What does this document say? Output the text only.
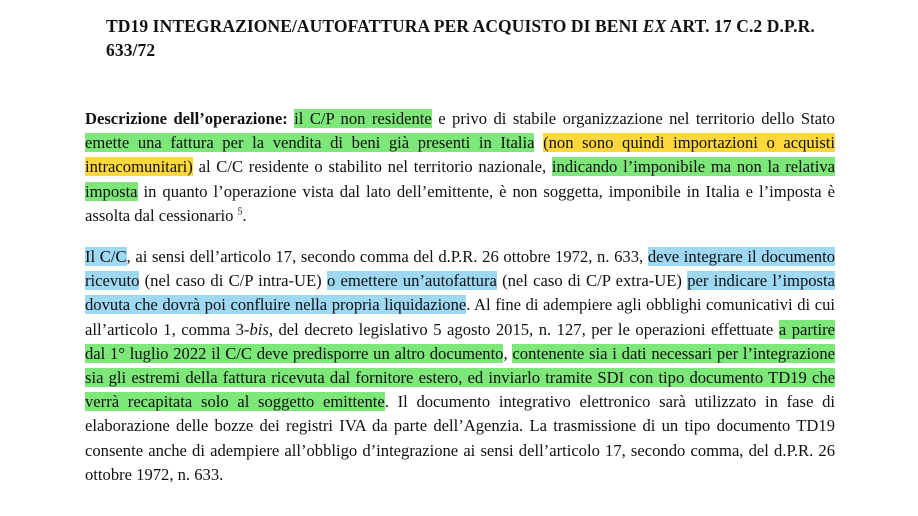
TD19 INTEGRAZIONE/AUTOFATTURA PER ACQUISTO DI BENI EX ART. 17 C.2 D.P.R. 633/72

Descrizione dell’operazione: il C/P non residente e privo di stabile organizzazione nel territorio dello Stato emette una fattura per la vendita di beni già presenti in Italia (non sono quindi importazioni o acquisti intracomunitari) al C/C residente o stabilito nel territorio nazionale, indicando l’imponibile ma non la relativa imposta in quanto l’operazione vista dal lato dell’emittente, è non soggetta, imponibile in Italia e l’imposta è assolta dal cessionario $^5$.

Il C/C, ai sensi dell’articolo 17, secondo comma del d.P.R. 26 ottobre 1972, n. 633, deve integrare il documento ricevuto (nel caso di C/P intra-UE) o emettere un’autofattura (nel caso di C/P extra-UE) per indicare l’imposta dovuta che dovrà poi confluire nella propria liquidazione. Al fine di adempiere agli obblighi comunicativi di cui all’articolo 1, comma 3-bis, del decreto legislativo 5 agosto 2015, n. 127, per le operazioni effettuate a partire dal 1° luglio 2022 il C/C deve predisporre un altro documento, contenente sia i dati necessari per l’integrazione sia gli estremi della fattura ricevuta dal fornitore estero, ed inviarlo tramite SDI con tipo documento TD19 che verrà recapitata solo al soggetto emittente. Il documento integrativo elettronico sarà utilizzato in fase di elaborazione delle bozze dei registri IVA da parte dell’Agenzia. La trasmissione di un tipo documento TD19 consente anche di adempiere all’obbligo d’integrazione ai sensi dell’articolo 17, secondo comma, del d.P.R. 26 ottobre 1972, n. 633.
